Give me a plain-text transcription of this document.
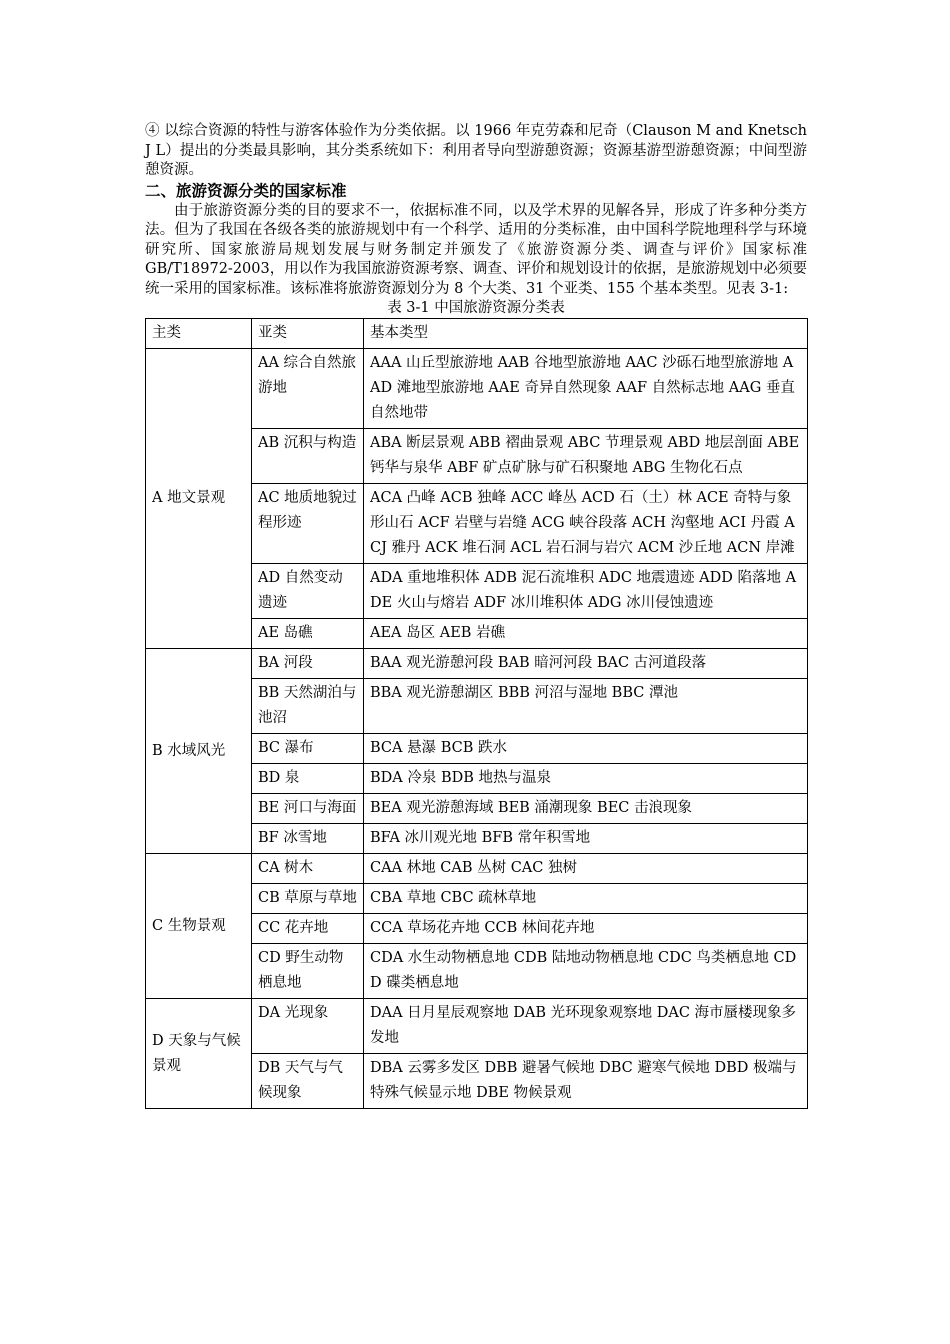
④ 以综合资源的特性与游客体验作为分类依据。以 1966 年克劳森和尼奇（Clauson M and Knetsch J L）提出的分类最具影响，其分类系统如下：利用者导向型游憩资源；资源基游型游憩资源；中间型游憩资源。

二、旅游资源分类的国家标准

由于旅游资源分类的目的要求不一，依据标准不同，以及学术界的见解各异，形成了许多种分类方法。但为了我国在各级各类的旅游规划中有一个科学、适用的分类标准，由中国科学院地理科学与环境研究所、国家旅游局规划发展与财务制定并颁发了《旅游资源分类、调查与评价》国家标准 GB/T18972-2003，用以作为我国旅游资源考察、调查、评价和规划设计的依据，是旅游规划中必须要统一采用的国家标准。该标准将旅游资源划分为 8 个大类、31 个亚类、155 个基本类型。见表 3-1:

表 3-1 中国旅游资源分类表
主类	亚类	基本类型
A 地文景观	AA 综合自然旅游地	AAA 山丘型旅游地 AAB 谷地型旅游地 AAC 沙砾石地型旅游地 AAD 滩地型旅游地 AAE 奇异自然现象 AAF 自然标志地 AAG 垂直自然地带
	AB 沉积与构造	ABA 断层景观 ABB 褶曲景观 ABC 节理景观 ABD 地层剖面 ABE 钙华与泉华 ABF 矿点矿脉与矿石积聚地 ABG 生物化石点
	AC 地质地貌过程形迹	ACA 凸峰 ACB 独峰 ACC 峰丛 ACD 石（土）林 ACE 奇特与象形山石 ACF 岩壁与岩缝 ACG 峡谷段落 ACH 沟壑地 ACI 丹霞 ACJ 雅丹 ACK 堆石洞 ACL 岩石洞与岩穴 ACM 沙丘地 ACN 岸滩
	AD 自然变动遗迹	ADA 重地堆积体 ADB 泥石流堆积 ADC 地震遗迹 ADD 陷落地 ADE 火山与熔岩 ADF 冰川堆积体 ADG 冰川侵蚀遗迹
	AE 岛礁	AEA 岛区 AEB 岩礁
B 水域风光	BA 河段	BAA 观光游憩河段 BAB 暗河河段 BAC 古河道段落
	BB 天然湖泊与池沼	BBA 观光游憩湖区 BBB 河沼与湿地 BBC 潭池
	BC 瀑布	BCA 悬瀑 BCB 跌水
	BD 泉	BDA 冷泉 BDB 地热与温泉
	BE 河口与海面	BEA 观光游憩海域 BEB 涌潮现象 BEC 击浪现象
	BF 冰雪地	BFA 冰川观光地 BFB 常年积雪地
C 生物景观	CA 树木	CAA 林地 CAB 丛树 CAC 独树
	CB 草原与草地	CBA 草地 CBC 疏林草地
	CC 花卉地	CCA 草场花卉地 CCB 林间花卉地
	CD 野生动物栖息地	CDA 水生动物栖息地 CDB 陆地动物栖息地 CDC 鸟类栖息地 CDD 碟类栖息地
D 天象与气候景观	DA 光现象	DAA 日月星辰观察地 DAB 光环现象观察地 DAC 海市蜃楼现象多发地
	DB 天气与气候现象	DBA 云雾多发区 DBB 避暑气候地 DBC 避寒气候地 DBD 极端与特殊气候显示地 DBE 物候景观
